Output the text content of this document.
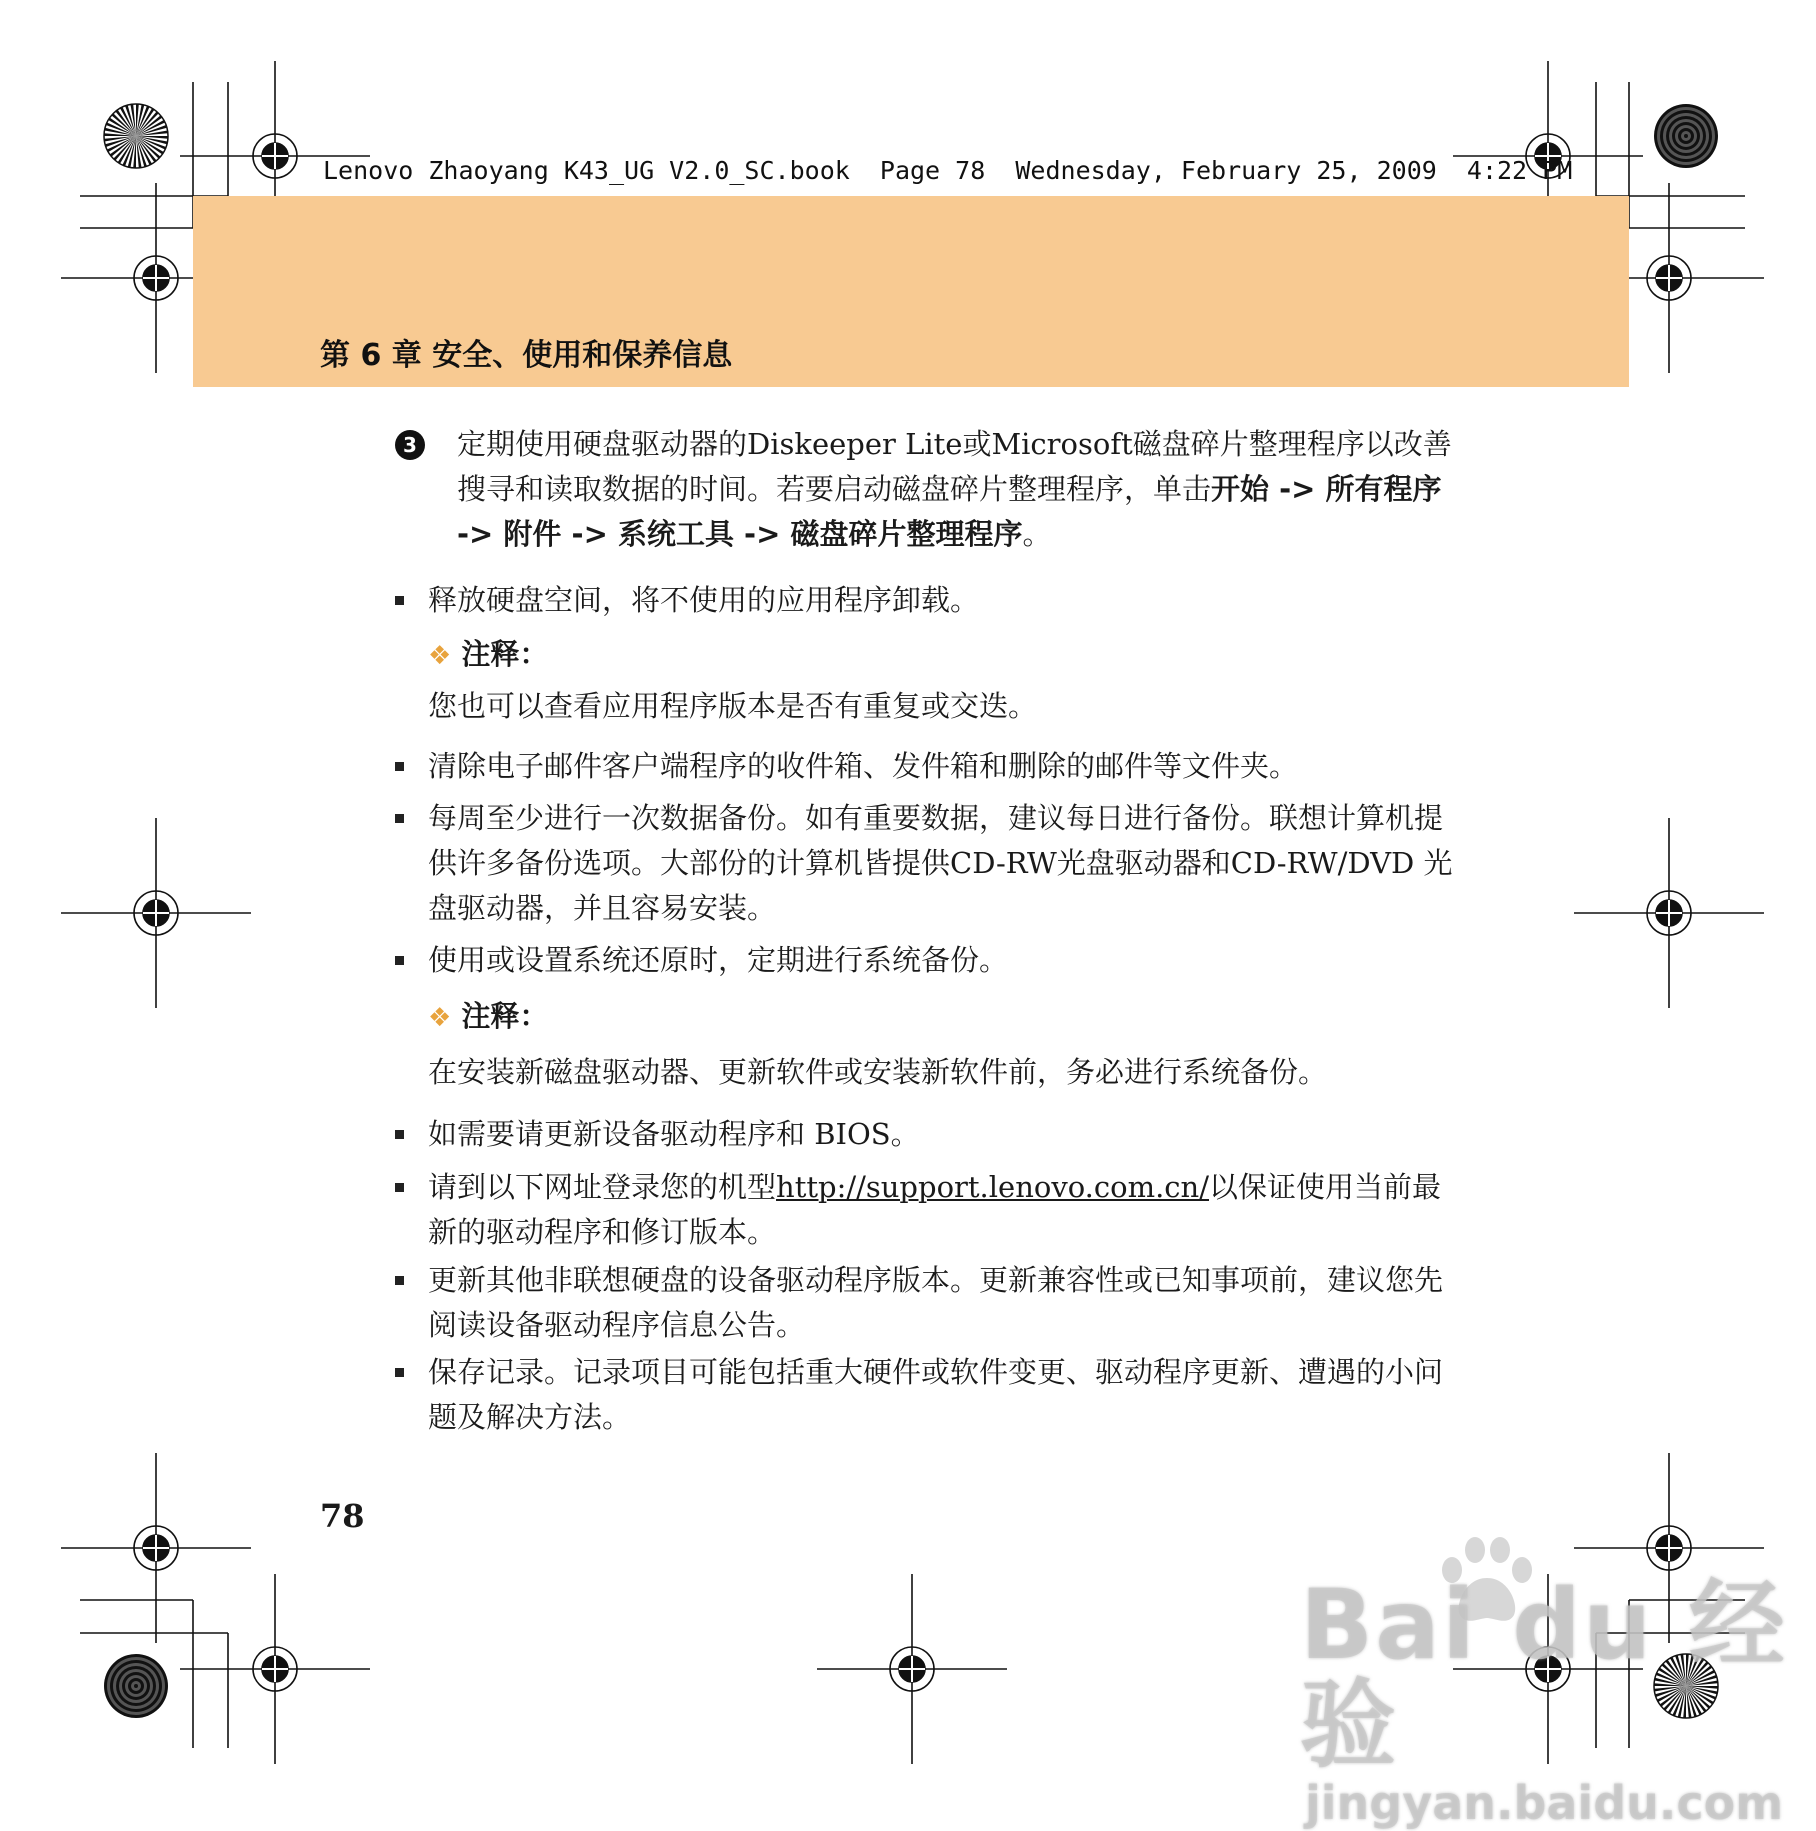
Lenovo Zhaoyang K43_UG V2.0_SC.book  Page 78  Wednesday, February 25, 2009  4:22 PM
第 6 章 安全、使用和保养信息
3 定期使用硬盘驱动器的Diskeeper Lite或Microsoft磁盘碎片整理程序以改善搜寻和读取数据的时间。若要启动磁盘碎片整理程序，单击开始 -> 所有程序 -> 附件 -> 系统工具 -> 磁盘碎片整理程序。
释放硬盘空间，将不使用的应用程序卸载。
❖ 注释：
您也可以查看应用程序版本是否有重复或交迭。
清除电子邮件客户端程序的收件箱、发件箱和删除的邮件等文件夹。
每周至少进行一次数据备份。如有重要数据，建议每日进行备份。联想计算机提供许多备份选项。大部份的计算机皆提供CD-RW光盘驱动器和CD-RW/DVD 光盘驱动器，并且容易安装。
使用或设置系统还原时，定期进行系统备份。
❖ 注释：
在安装新磁盘驱动器、更新软件或安装新软件前，务必进行系统备份。
如需要请更新设备驱动程序和 BIOS。
请到以下网址登录您的机型http://support.lenovo.com.cn/以保证使用当前最新的驱动程序和修订版本。
更新其他非联想硬盘的设备驱动程序版本。更新兼容性或已知事项前，建议您先阅读设备驱动程序信息公告。
保存记录。记录项目可能包括重大硬件或软件变更、驱动程序更新、遭遇的小问题及解决方法。
78
Bai du 经验
jingyan.baidu.com
